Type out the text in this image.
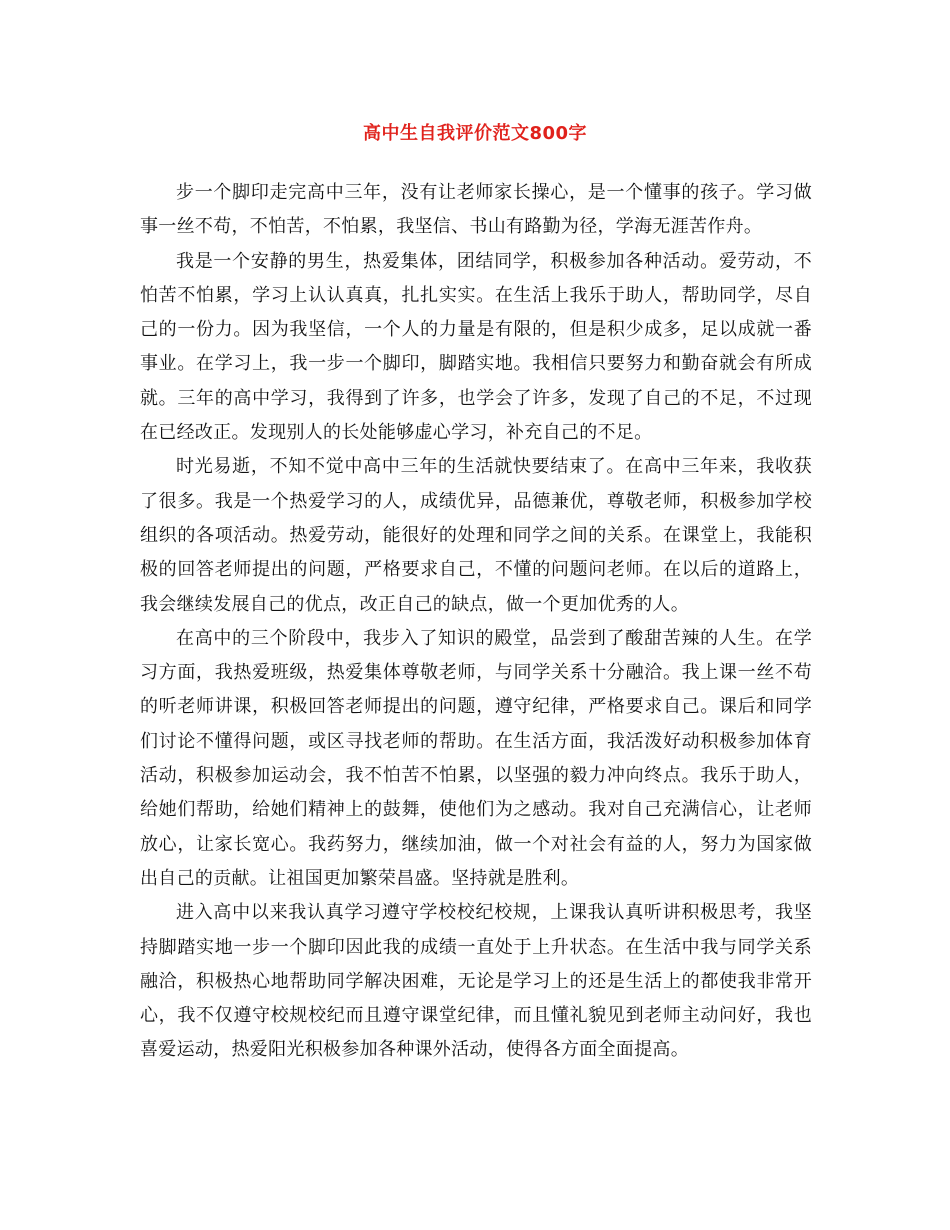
高中生自我评价范文800字

步一个脚印走完高中三年，没有让老师家长操心，是一个懂事的孩子。学习做事一丝不苟，不怕苦，不怕累，我坚信、书山有路勤为径，学海无涯苦作舟。

我是一个安静的男生，热爱集体，团结同学，积极参加各种活动。爱劳动，不怕苦不怕累，学习上认认真真，扎扎实实。在生活上我乐于助人，帮助同学，尽自己的一份力。因为我坚信，一个人的力量是有限的，但是积少成多，足以成就一番事业。在学习上，我一步一个脚印，脚踏实地。我相信只要努力和勤奋就会有所成就。三年的高中学习，我得到了许多，也学会了许多，发现了自己的不足，不过现在已经改正。发现别人的长处能够虚心学习，补充自己的不足。

时光易逝，不知不觉中高中三年的生活就快要结束了。在高中三年来，我收获了很多。我是一个热爱学习的人，成绩优异，品德兼优，尊敬老师，积极参加学校组织的各项活动。热爱劳动，能很好的处理和同学之间的关系。在课堂上，我能积极的回答老师提出的问题，严格要求自己，不懂的问题问老师。在以后的道路上，我会继续发展自己的优点，改正自己的缺点，做一个更加优秀的人。

在高中的三个阶段中，我步入了知识的殿堂，品尝到了酸甜苦辣的人生。在学习方面，我热爱班级，热爱集体尊敬老师，与同学关系十分融洽。我上课一丝不苟的听老师讲课，积极回答老师提出的问题，遵守纪律，严格要求自己。课后和同学们讨论不懂得问题，或区寻找老师的帮助。在生活方面，我活泼好动积极参加体育活动，积极参加运动会，我不怕苦不怕累，以坚强的毅力冲向终点。我乐于助人，给她们帮助，给她们精神上的鼓舞，使他们为之感动。我对自己充满信心，让老师放心，让家长宽心。我药努力，继续加油，做一个对社会有益的人，努力为国家做出自己的贡献。让祖国更加繁荣昌盛。坚持就是胜利。

进入高中以来我认真学习遵守学校校纪校规，上课我认真听讲积极思考，我坚持脚踏实地一步一个脚印因此我的成绩一直处于上升状态。在生活中我与同学关系融洽，积极热心地帮助同学解决困难，无论是学习上的还是生活上的都使我非常开心，我不仅遵守校规校纪而且遵守课堂纪律，而且懂礼貌见到老师主动问好，我也喜爱运动，热爱阳光积极参加各种课外活动，使得各方面全面提高。
